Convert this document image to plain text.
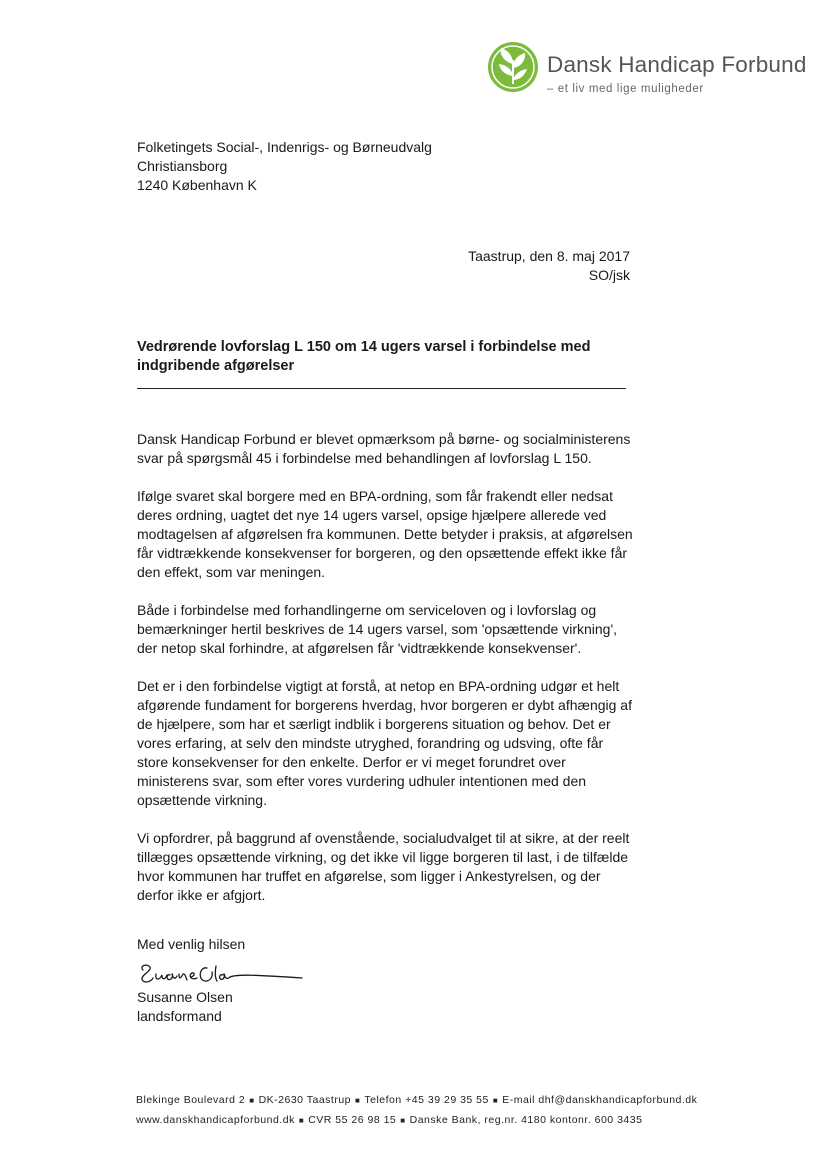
Dansk Handicap Forbund
– et liv med lige muligheder
Folketingets Social-, Indenrigs- og Børneudvalg
Christiansborg
1240 København K
Taastrup, den 8. maj 2017
SO/jsk
Vedrørende lovforslag L 150 om 14 ugers varsel i forbindelse med indgribende afgørelser

Dansk Handicap Forbund er blevet opmærksom på børne- og socialministerens svar på spørgsmål 45 i forbindelse med behandlingen af lovforslag L 150.

Ifølge svaret skal borgere med en BPA-ordning, som får frakendt eller nedsat deres ordning, uagtet det nye 14 ugers varsel, opsige hjælpere allerede ved modtagelsen af afgørelsen fra kommunen. Dette betyder i praksis, at afgørelsen får vidtrækkende konsekvenser for borgeren, og den opsættende effekt ikke får den effekt, som var meningen.

Både i forbindelse med forhandlingerne om serviceloven og i lovforslag og bemærkninger hertil beskrives de 14 ugers varsel, som 'opsættende virkning', der netop skal forhindre, at afgørelsen får 'vidtrækkende konsekvenser'.

Det er i den forbindelse vigtigt at forstå, at netop en BPA-ordning udgør et helt afgørende fundament for borgerens hverdag, hvor borgeren er dybt afhængig af de hjælpere, som har et særligt indblik i borgerens situation og behov. Det er vores erfaring, at selv den mindste utryghed, forandring og udsving, ofte får store konsekvenser for den enkelte. Derfor er vi meget forundret over ministerens svar, som efter vores vurdering udhuler intentionen med den opsættende virkning.

Vi opfordrer, på baggrund af ovenstående, socialudvalget til at sikre, at der reelt tillægges opsættende virkning, og det ikke vil ligge borgeren til last, i de tilfælde hvor kommunen har truffet en afgørelse, som ligger i Ankestyrelsen, og der derfor ikke er afgjort.

Med venlig hilsen
Susanne Olsen
landsformand
Blekinge Boulevard 2 ■ DK-2630 Taastrup ■ Telefon +45 39 29 35 55 ■ E-mail dhf@danskhandicapforbund.dk
www.danskhandicapforbund.dk ■ CVR 55 26 98 15 ■ Danske Bank, reg.nr. 4180 kontonr. 600 3435
